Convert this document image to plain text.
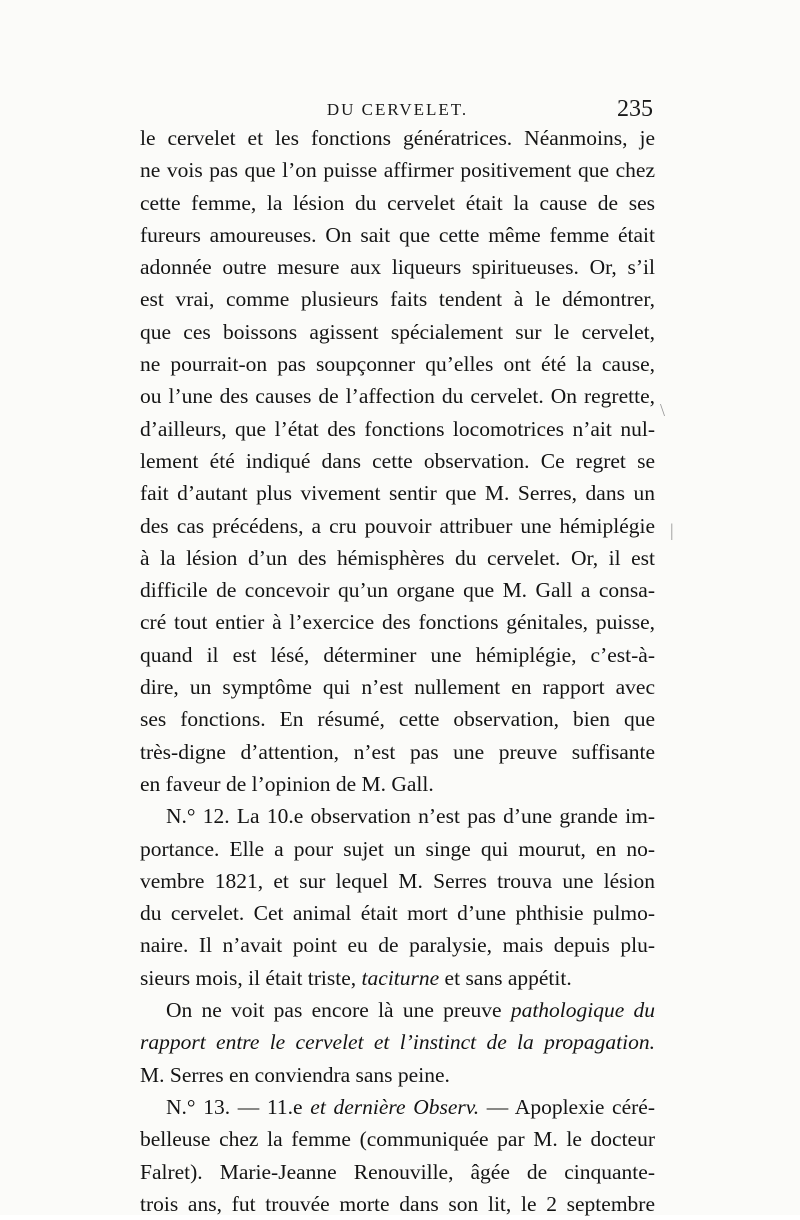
DU CERVELET.	235
le cervelet et les fonctions génératrices. Néanmoins, je
ne vois pas que l’on puisse affirmer positivement que chez
cette femme, la lésion du cervelet était la cause de ses
fureurs amoureuses. On sait que cette même femme était
adonnée outre mesure aux liqueurs spiritueuses. Or, s’il
est vrai, comme plusieurs faits tendent à le démontrer,
que ces boissons agissent spécialement sur le cervelet,
ne pourrait-on pas soupçonner qu’elles ont été la cause,
ou l’une des causes de l’affection du cervelet. On regrette,
d’ailleurs, que l’état des fonctions locomotrices n’ait nul-
lement été indiqué dans cette observation. Ce regret se
fait d’autant plus vivement sentir que M. Serres, dans un
des cas précédens, a cru pouvoir attribuer une hémiplégie
à la lésion d’un des hémisphères du cervelet. Or, il est
difficile de concevoir qu’un organe que M. Gall a consa-
cré tout entier à l’exercice des fonctions génitales, puisse,
quand il est lésé, déterminer une hémiplégie, c’est-à-
dire, un symptôme qui n’est nullement en rapport avec
ses fonctions. En résumé, cette observation, bien que
très-digne d’attention, n’est pas une preuve suffisante
en faveur de l’opinion de M. Gall.
N.° 12. La 10.e observation n’est pas d’une grande im-
portance. Elle a pour sujet un singe qui mourut, en no-
vembre 1821, et sur lequel M. Serres trouva une lésion
du cervelet. Cet animal était mort d’une phthisie pulmo-
naire. Il n’avait point eu de paralysie, mais depuis plu-
sieurs mois, il était triste, taciturne et sans appétit.
On ne voit pas encore là une preuve pathologique du
rapport entre le cervelet et l’instinct de la propagation.
M. Serres en conviendra sans peine.
N.° 13. — 11.e et dernière Observ. — Apoplexie céré-
belleuse chez la femme (communiquée par M. le docteur
Falret). Marie-Jeanne Renouville, âgée de cinquante-
trois ans, fut trouvée morte dans son lit, le 2 septembre
\
|
